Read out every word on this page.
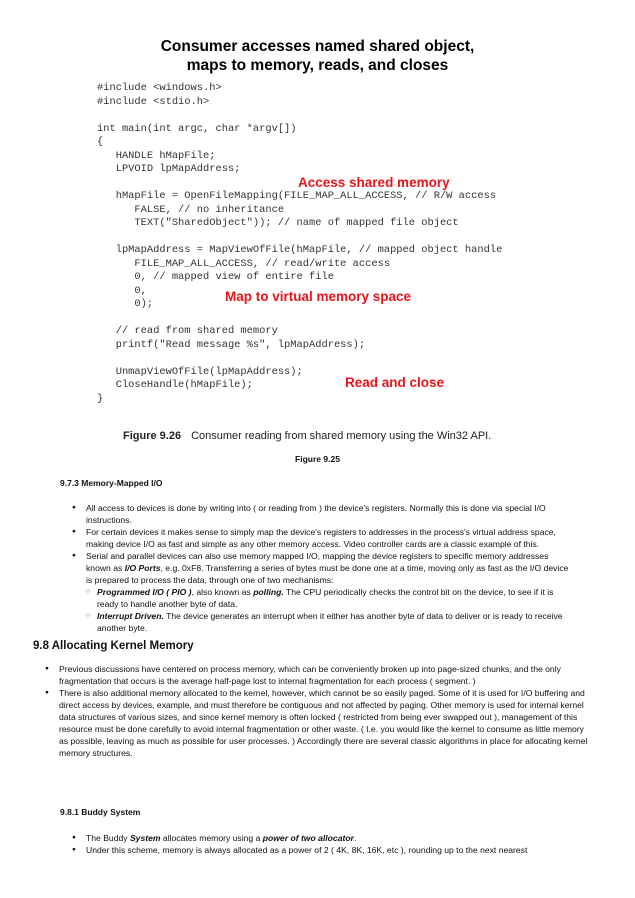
Consumer accesses named shared object,
maps to memory, reads, and closes
#include <windows.h>
#include <stdio.h>

int main(int argc, char *argv[])
{
HANDLE hMapFile;
LPVOID lpMapAddress;

hMapFile = OpenFileMapping(FILE_MAP_ALL_ACCESS, // R/W access
FALSE, // no inheritance
TEXT("SharedObject")); // name of mapped file object

lpMapAddress = MapViewOfFile(hMapFile, // mapped object handle
FILE_MAP_ALL_ACCESS, // read/write access
0, // mapped view of entire file
0,
0);

// read from shared memory
printf("Read message %s", lpMapAddress);

UnmapViewOfFile(lpMapAddress);
CloseHandle(hMapFile);
}
Access shared memory
Map to virtual memory space
Read and close
Figure 9.26 Consumer reading from shared memory using the Win32 API.
Figure 9.25
9.7.3 Memory-Mapped I/O
● All access to devices is done by writing into ( or reading from ) the device's registers. Normally this is done via special I/O instructions.
● For certain devices it makes sense to simply map the device's registers to addresses in the process's virtual address space, making device I/O as fast and simple as any other memory access. Video controller cards are a classic example of this.
● Serial and parallel devices can also use memory mapped I/O, mapping the device registers to specific memory addresses known as I/O Ports, e.g. 0xF8. Transferring a series of bytes must be done one at a time, moving only as fast as the I/O device is prepared to process the data, through one of two mechanisms:
○ Programmed I/O ( PIO ), also known as polling. The CPU periodically checks the control bit on the device, to see if it is ready to handle another byte of data.
○ Interrupt Driven. The device generates an interrupt when it either has another byte of data to deliver or is ready to receive another byte.
9.8 Allocating Kernel Memory
● Previous discussions have centered on process memory, which can be conveniently broken up into page-sized chunks, and the only fragmentation that occurs is the average half-page lost to internal fragmentation for each process ( segment. )
● There is also additional memory allocated to the kernel, however, which cannot be so easily paged. Some of it is used for I/O buffering and direct access by devices, example, and must therefore be contiguous and not affected by paging. Other memory is used for internal kernel data structures of various sizes, and since kernel memory is often locked ( restricted from being ever swapped out ), management of this resource must be done carefully to avoid internal fragmentation or other waste. ( I.e. you would like the kernel to consume as little memory as possible, leaving as much as possible for user processes. ) Accordingly there are several classic algorithms in place for allocating kernel memory structures.
9.8.1 Buddy System
● The Buddy System allocates memory using a power of two allocator.
● Under this scheme, memory is always allocated as a power of 2 ( 4K, 8K, 16K, etc ), rounding up to the next nearest
